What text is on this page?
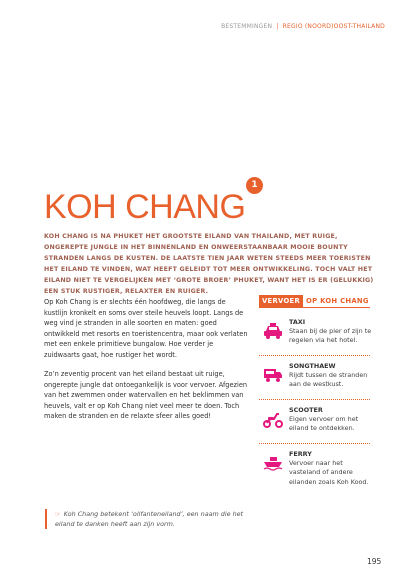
BESTEMMINGEN | REGIO (NOORD)OOST-THAILAND
1
KOH CHANG

KOH CHANG IS NA PHUKET HET GROOTSTE EILAND VAN THAILAND, MET RUIGE, ONGEREPTE JUNGLE IN HET BINNENLAND EN ONWEERSTAANBAAR MOOIE BOUNTY STRANDEN LANGS DE KUSTEN. DE LAATSTE TIEN JAAR WETEN STEEDS MEER TOERISTEN HET EILAND TE VINDEN, WAT HEEFT GELEIDT TOT MEER ONTWIKKELING. TOCH VALT HET EILAND NIET TE VERGELIJKEN MET ‘GROTE BROER’ PHUKET, WANT HET IS ER (GELUKKIG) EEN STUK RUSTIGER, RELAXTER EN RUIGER.

Op Koh Chang is er slechts één hoofdweg, die langs de kustlijn kronkelt en soms over steile heuvels loopt. Langs de weg vind je stranden in alle soorten en maten: goed ontwikkeld met resorts en toeristencentra, maar ook verlaten met een enkele primitieve bungalow. Hoe verder je zuidwaarts gaat, hoe rustiger het wordt.

Zo’n zeventig procent van het eiland bestaat uit ruige, ongerepte jungle dat ontoegankelijk is voor vervoer. Afgezien van het zwemmen onder watervallen en het beklimmen van heuvels, valt er op Koh Chang niet veel meer te doen. Toch maken de stranden en de relaxte sfeer alles goed!

☞ Koh Chang betekent ‘olifanteneiland’, een naam die het eiland te danken heeft aan zijn vorm.
VERVOER OP KOH CHANG
TAXI
Staan bij de pier of zijn te regelen via het hotel.
SONGTHAEW
Rijdt tussen de stranden aan de westkust.
SCOOTER
Eigen vervoer om het eiland te ontdekken.
FERRY
Vervoer naar het vasteland of andere eilanden zoals Koh Kood.
195
